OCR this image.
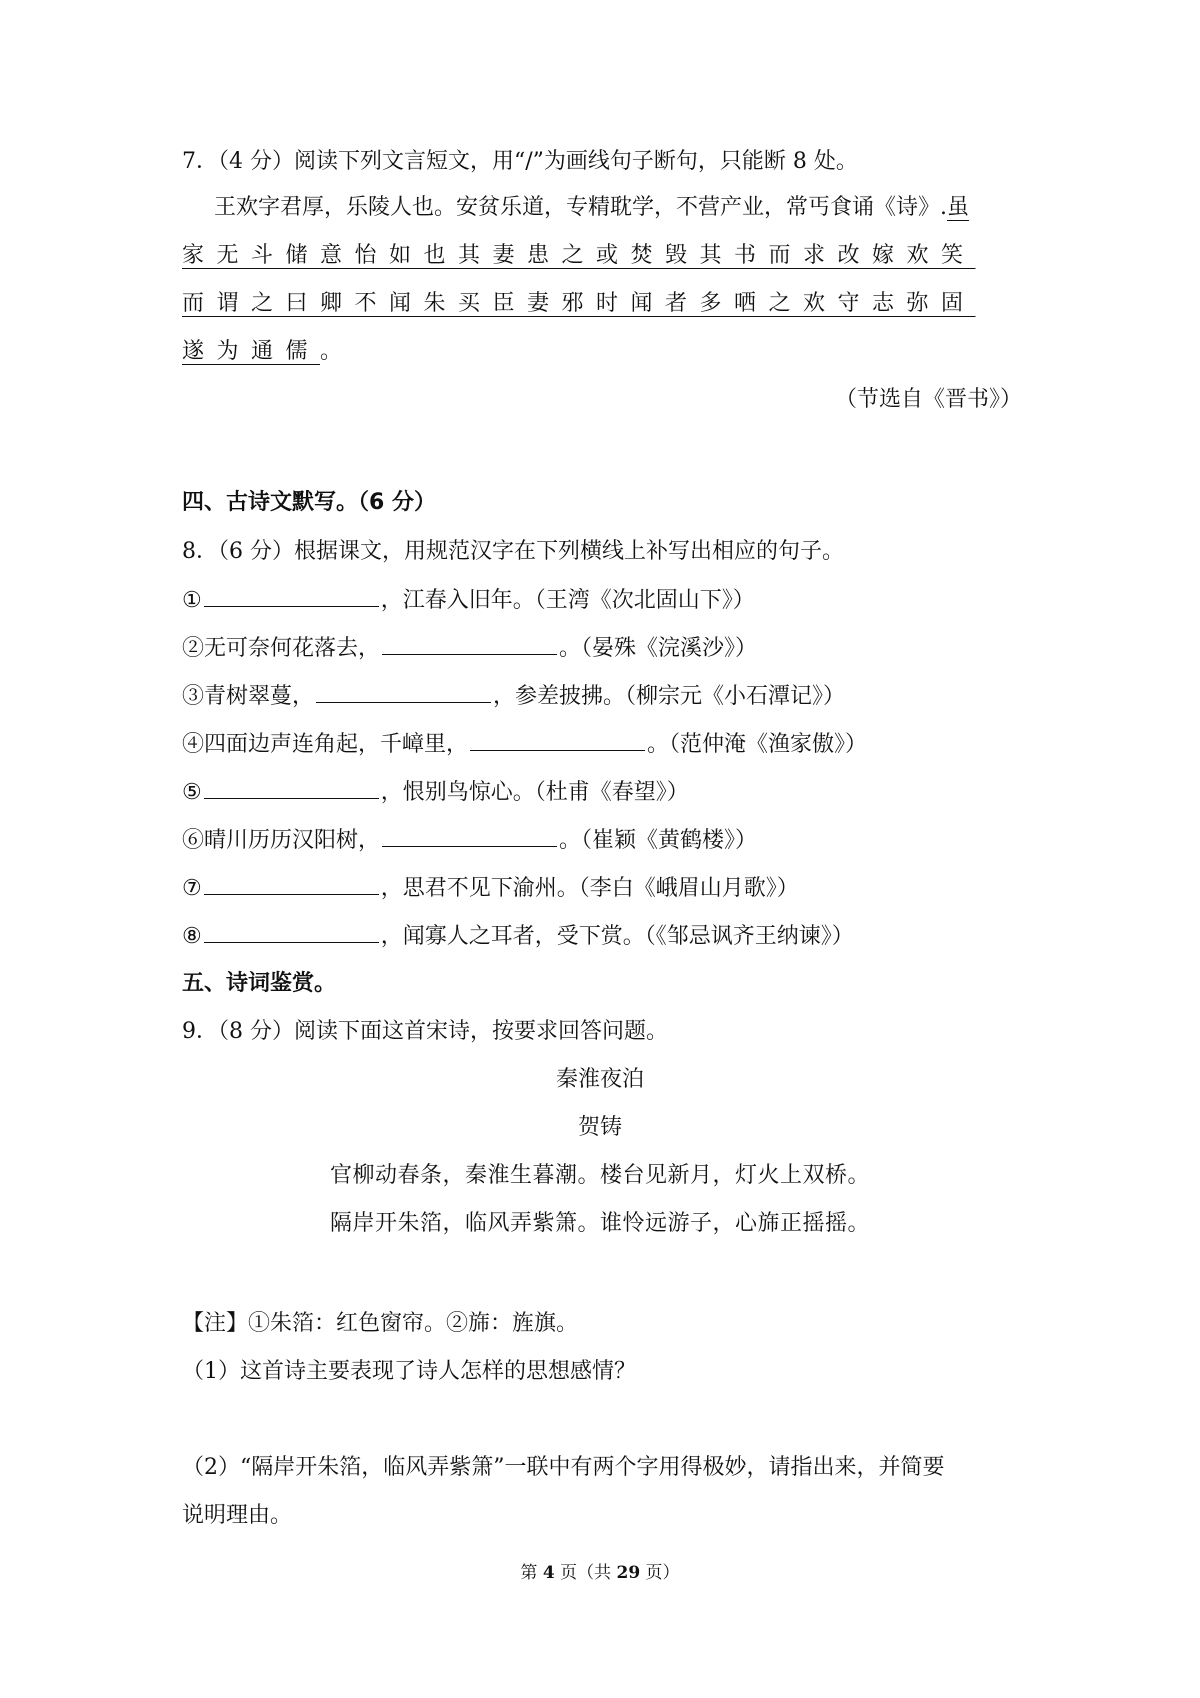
7．（4 分）阅读下列文言短文，用“/”为画线句子断句，只能断 8 处。
王欢字君厚，乐陵人也。安贫乐道，专精耽学，不营产业，常丐食诵《诗》.虽
家无斗储意怡如也其妻患之或焚毁其书而求改嫁欢笑
而谓之曰卿不闻朱买臣妻邪时闻者多哂之欢守志弥固
遂为通儒。
（节选自《晋书》）
四、古诗文默写。（6 分）
8．（6 分）根据课文，用规范汉字在下列横线上补写出相应的句子。
①	，江春入旧年。（王湾《次北固山下》）
②无可奈何花落去，	。（晏殊《浣溪沙》）
③青树翠蔓，	，参差披拂。（柳宗元《小石潭记》）
④四面边声连角起，千嶂里，	。（范仲淹《渔家傲》）
⑤	，恨别鸟惊心。（杜甫《春望》）
⑥晴川历历汉阳树，	。（崔颖《黄鹤楼》）
⑦	，思君不见下渝州。（李白《峨眉山月歌》）
⑧	，闻寡人之耳者，受下赏。（《邹忌讽齐王纳谏》）
五、诗词鉴赏。
9．（8 分）阅读下面这首宋诗，按要求回答问题。
秦淮夜泊
贺铸
官柳动春条，秦淮生暮潮。楼台见新月，灯火上双桥。
隔岸开朱箔，临风弄紫箫。谁怜远游子，心旆正摇摇。
【注】①朱箔：红色窗帘。②旆：旌旗。
（1）这首诗主要表现了诗人怎样的思想感情？
（2）“隔岸开朱箔，临风弄紫箫”一联中有两个字用得极妙，请指出来，并简要
说明理由。
第 4 页（共 29 页）
